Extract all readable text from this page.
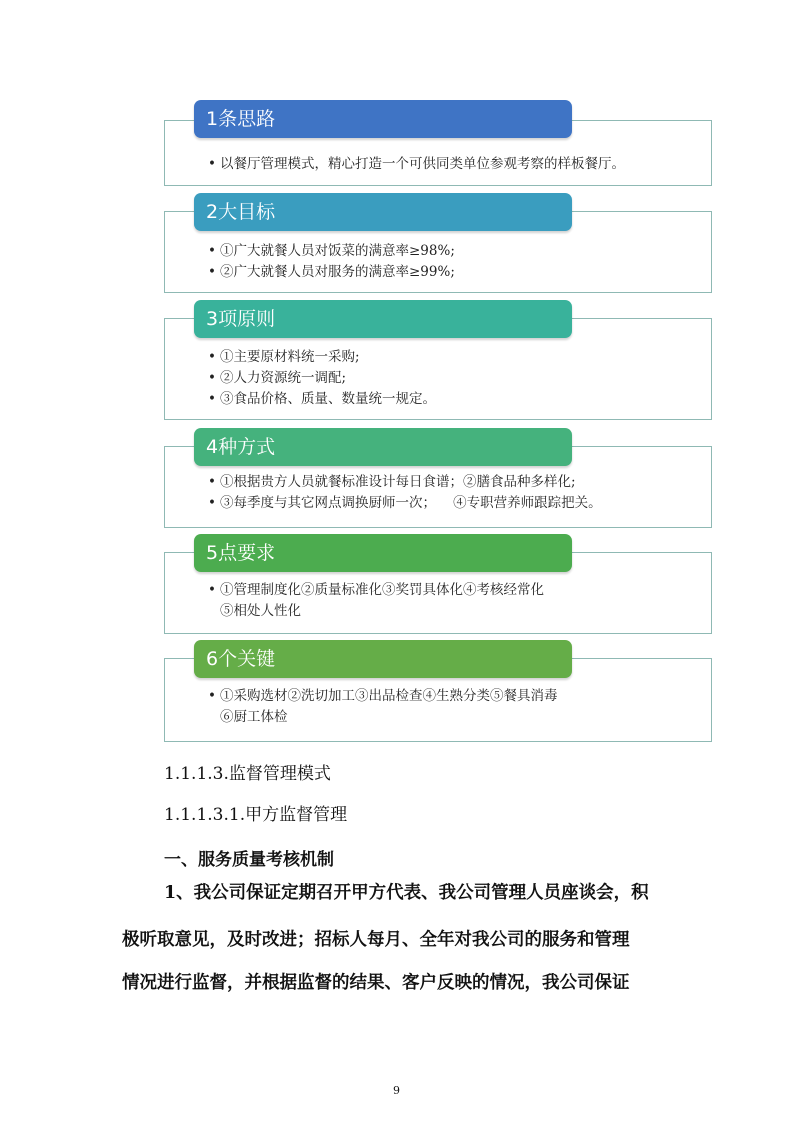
1条思路
• 以餐厅管理模式，精心打造一个可供同类单位参观考察的样板餐厅。
2大目标
• ①广大就餐人员对饭菜的满意率≥98%;
• ②广大就餐人员对服务的满意率≥99%;
3项原则
• ①主要原材料统一采购;
• ②人力资源统一调配;
• ③食品价格、质量、数量统一规定。
4种方式
• ①根据贵方人员就餐标准设计每日食谱；②膳食品种多样化;
• ③每季度与其它网点调换厨师一次；    ④专职营养师跟踪把关。
5点要求
• ①管理制度化②质量标准化③奖罚具体化④考核经常化
⑤相处人性化
6个关键
• ①采购选材②洗切加工③出品检查④生熟分类⑤餐具消毒
⑥厨工体检
1.1.1.3.监督管理模式
1.1.1.3.1.甲方监督管理
一、服务质量考核机制
1、我公司保证定期召开甲方代表、我公司管理人员座谈会，积
极听取意见，及时改进；招标人每月、全年对我公司的服务和管理
情况进行监督，并根据监督的结果、客户反映的情况，我公司保证
9
